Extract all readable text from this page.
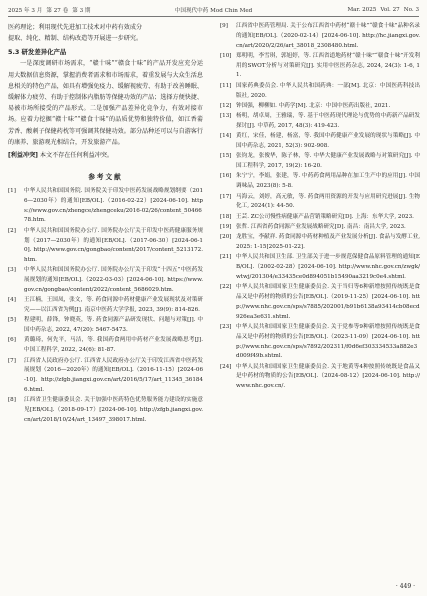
2025 年 3 月 第 27 卷 第 3 期	中国现代中药 Mod Chin Med	Mar. 2025 Vol. 27 No. 3

医药理论；利用现代先进加工技术对中药有效成分

提取、纯化、精制、结构改造等开展进一步研究。

5.3 研发差异化产品

一是深度调研市场需求，“赣十味”“赣食十味”的产品开发应充分运用大数据信息资源，掌握消费者需求和市场需求，着重发展与大众生活息息相关的特色产品，如具有增强免疫力、缓解视疲劳、有助于改善睡眠、缓解体力疲劳、有助于控制体内脂肪等保健功效的产品；选择方便快捷、易被市场所接受的产品形式。二是加强产品差异化竞争力，有效对接市场。应着力挖掘“赣十味”“赣食十味”的品质优势和独特价值，如江香薷芳香、酸刺子保健药枕等可强调其保健功效。部分品种还可以与自游客行的康养、旅游观光相结合，开发旅游产品。

[利益冲突] 本文不存在任何利益冲突。
参考文献
[1]	中华人民共和国国务院. 国务院关于印发中医药发展战略规划纲要（2016—2030年）的通知[EB/OL].（2016-02-22）[2024-06-10]. https://www.gov.cn/zhengce/zhengceku/2016-02/26/content_5046678.htm.
[2]	中华人民共和国国务院办公厅. 国务院办公厅关于印发中医药健康服务规划（2017—2030年）的通知[EB/OL].（2017-06-30）[2024-06-10]. http://www.gov.cn/gongbao/content/2017/content_5213172.htm.
[3]	中华人民共和国国务院办公厅. 国务院办公厅关于印发“十四五”中医药发展规划的通知[EB/OL].（2022-03-03）[2024-06-10]. https://www.gov.cn/gongbao/content/2022/content_5686029.htm.
[4]	王江楠，王国凤，张文，等. 药食同源中药材健康产业发展现状及对策研究——以江西省为例[J]. 南京中医药大学学报, 2023, 39(9): 814-826.
[5]	程建明，薛锋，钟晓英，等. 药食同源产品研发现状、问题与对策[J]. 中国中药杂志, 2022, 47(20): 5467-5473.
[6]	黄璐琦，何先平，马洁，等. 我国药食两用中药材产业发展战略思考[J]. 中国工程科学, 2022, 24(6): 81-87.
[7]	江西省人民政府办公厅. 江西省人民政府办公厅关于印发江西省中医药发展规划（2016—2020年）的通知[EB/OL].（2016-11-15）[2024-06-10]. http://zfgb.jiangxi.gov.cn/art/2016/5/17/art_11345_361846.html.
[8]	江西省卫生健康委员会. 关于加强中医药特色优势服务能力建设的实施意见[EB/OL].（2018-09-17）[2024-06-10]. http://zfgb.jiangxi.gov.cn/art/2018/10/24/art_13497_398017.html.
[9]	江西省中医药管理局. 关于公布江西省中药材“赣十味”“赣食十味”品种名录的通知[EB/OL].（2020-02-14）[2024-06-10]. http://hc.jiangxi.gov.cn/art/2020/2/26/art_38018_2308480.html.
[10] 郑明明，李雪琪，郭旭婷，等. 江西省道地药材“赣十味”“赣食十味”开发利用的SWOT分析与对策研究[J]. 实用中医医药杂志, 2024, 24(3): 1-6, 11.
[11] 国家药典委员会. 中华人民共和国药典：一部[M]. 北京：中国医药科技出版社, 2020.
[12] 钟国强，柳柳如. 中药学[M]. 北京：中国中医药出版社, 2021.
[13] 杨明，胡卓周，王雅瑞，等. 基于中医药现代理论与优势的中药新产品研发探讨[J]. 中草药, 2017, 48(3): 419-423.
[14] 黄红，宋佳，杨建，杨富，等. 我国中药健康产业发展的现状与策略[J]. 中国中药杂志, 2021, 52(3): 902-908.
[15] 张钧龙，张俊华，陈子林，等. 中华大健康产业发展战略与对策研究[J]. 中国工程科学, 2017, 19(2): 16-20.
[16] 朱宁宁，李娟，张建，等. 中药药食两用品种在加工生产中的应用[J]. 中国调味品, 2023(8): 5-8.
[17] 马海云，刘婷，高元敏，等. 药食两用资源的开发与应用研究进展[J]. 生物化工, 2024(1): 44-50.
[18] 王芸. ZC公司慢性病健康产品营销策略研究[D]. 上海：东华大学, 2023.
[19] 张哲. 江西省药食同源产业发展战略研究[D]. 南昌：南昌大学, 2023.
[20] 龙胜宝，李献祥. 药食同源中药材种植及产业发展分析[J]. 食品与发酵工业, 2025: 1-15[2025-01-22].
[21] 中华人民共和国卫生部. 卫生部关于进一步规范保健食品原料管理的通知[EB/OL].（2002-02-28）[2024-06-10]. http://www.nhc.gov.cn/zwgk/wtwj/201304/e33435ce0d894051b15490aa3219c0e4.shtml.
[22] 中华人民共和国国家卫生健康委员会. 关于当归等6种新增按照传统既是食品又是中药材的物质的公告[EB/OL].（2019-11-25）[2024-06-10]. http://www.nhc.gov.cn/sps/s7885/202001/b91b6138a93414cb08ecd926ea3e631.shtml.
[23] 中华人民共和国国家卫生健康委员会. 关于党参等9种新增按照传统既是食品又是中药材的物质的公告[EB/OL].（2023-11-09）[2024-06-10]. http://www.nhc.gov.cn/sps/s7892/202311/f0d6ef303334533a882e3d009f49b.shtml.
[24] 中华人民共和国国家卫生健康委员会. 关于地黄等4种按照传统既是食品又是中药材的物质的公告[EB/OL].（2024-08-12）[2024-06-10]. http://www.nhc.gov.cn/.
· 449 ·
